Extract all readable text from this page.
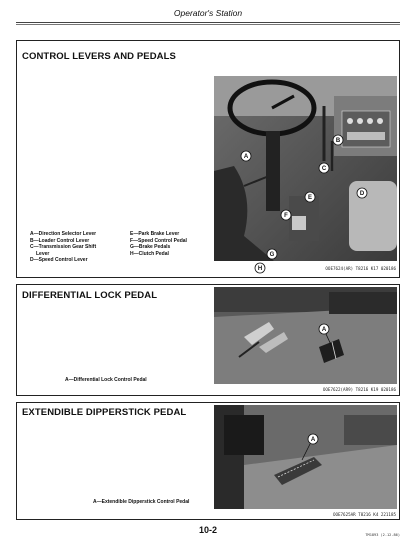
Operator's Station
CONTROL LEVERS AND PEDALS
A
B
C
D
E
F
G
H
A—Direction Selector Lever
B—Loader Control Lever
C—Transmission Gear Shift
Lever
D—Speed Control Lever
E—Park Brake Lever
F—Speed Control Pedal
G—Brake Pedals
H—Clutch Pedal
OOE7624(AR) T8216 K17 020186
DIFFERENTIAL LOCK PEDAL
A
A—Differential Lock Control Pedal
OOE7622(AR9) T8216 K19 020186
EXTENDIBLE DIPPERSTICK PEDAL
A
A—Extendible Dipperstick Control Pedal
OOE7625AR T8216 K4 221185
10-2	TM1893 (2-12-86)
